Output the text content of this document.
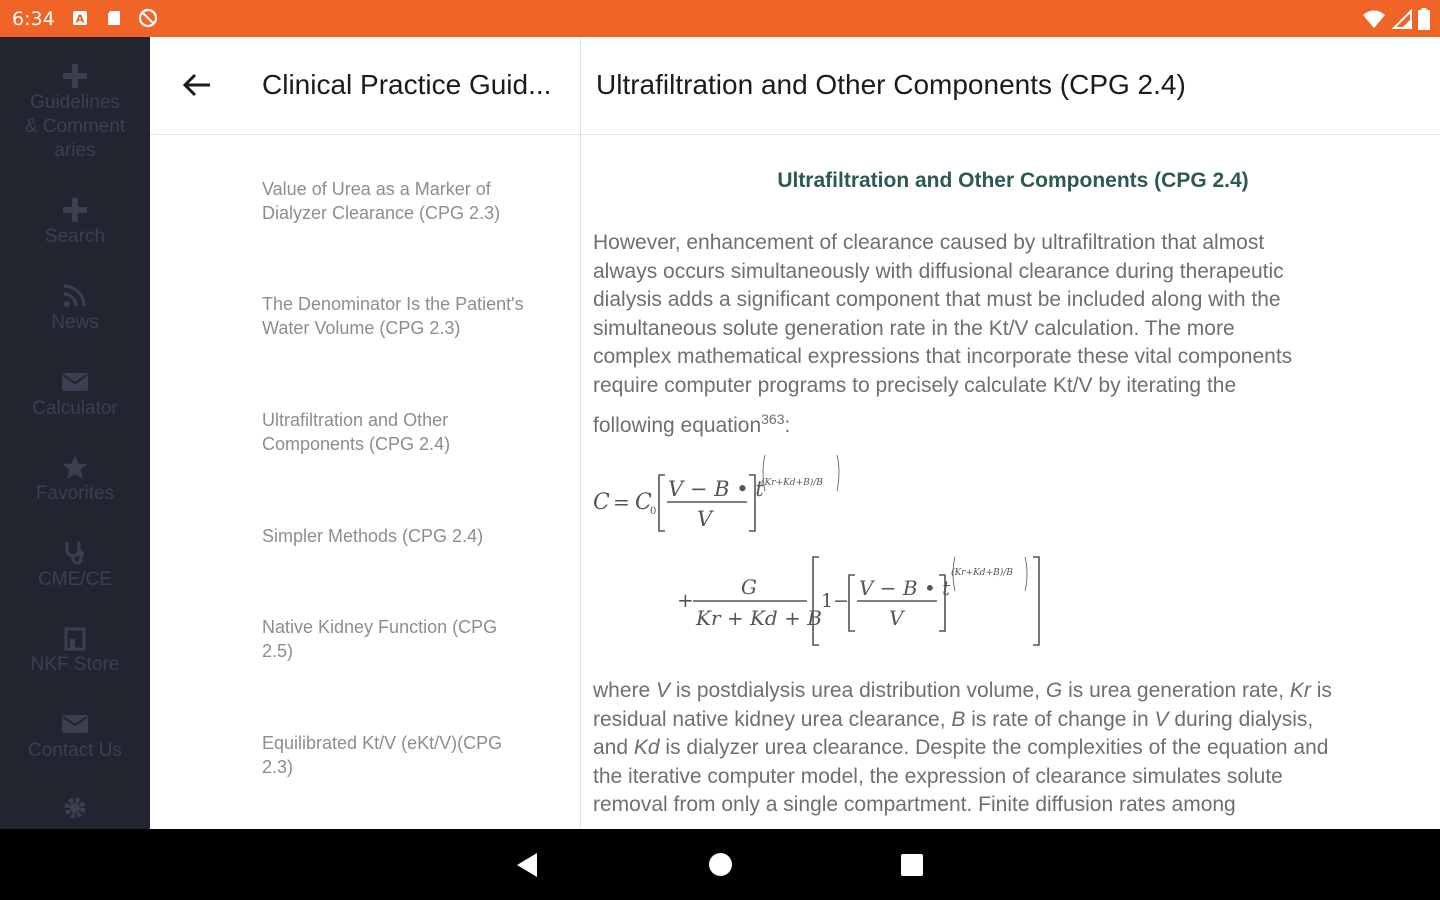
6:34 A
Guidelines
& Comment
aries
Search
News
Calculator
Favorites
CME/CE
NKF Store
Contact Us
Clinical Practice Guid... Ultrafiltration and Other Components (CPG 2.4)
Value of Urea as a Marker of
Dialyzer Clearance (CPG 2.3)
The Denominator Is the Patient's
Water Volume (CPG 2.3)
Ultrafiltration and Other
Components (CPG 2.4)
Simpler Methods (CPG 2.4)
Native Kidney Function (CPG
2.5)
Equilibrated Kt/V (eKt/V)(CPG
2.3)
Ultrafiltration and Other Components (CPG 2.4)
However, enhancement of clearance caused by ultrafiltration that almost
always occurs simultaneously with diffusional clearance during therapeutic
dialysis adds a significant component that must be included along with the
simultaneous solute generation rate in the Kt/V calculation. The more
complex mathematical expressions that incorporate these vital components
require computer programs to precisely calculate Kt/V by iterating the
following equation$^{363}$:
C = C
0
V − B • t
V
(Kr+Kd+B)/B
+
G
Kr + Kd + B
1−
V − B • t
V
(Kr+Kd+B)/B
where V is postdialysis urea distribution volume, G is urea generation rate, Kr is
residual native kidney urea clearance, B is rate of change in V during dialysis,
and Kd is dialyzer urea clearance. Despite the complexities of the equation and
the iterative computer model, the expression of clearance simulates solute
removal from only a single compartment. Finite diffusion rates among
